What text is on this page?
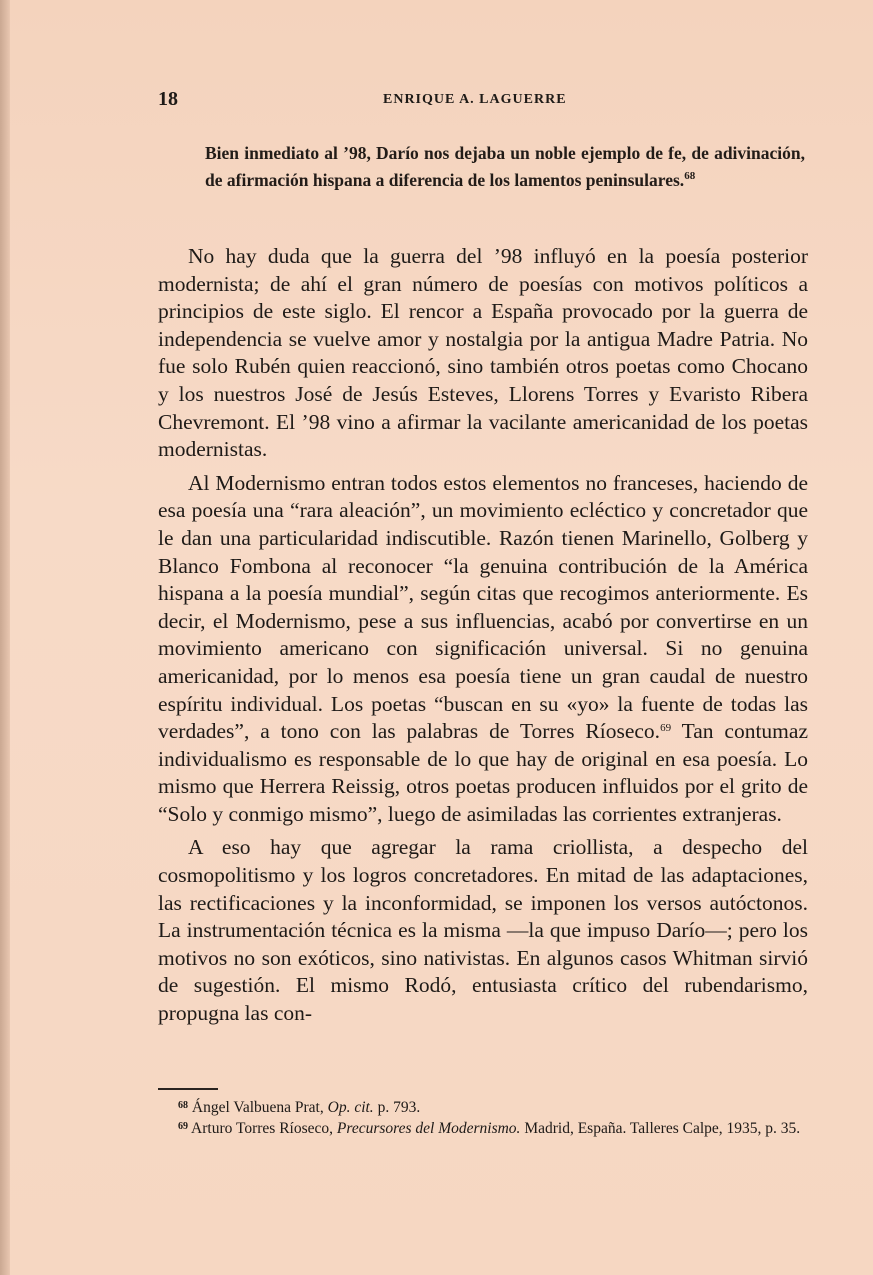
18	ENRIQUE A. LAGUERRE
Bien inmediato al ’98, Darío nos dejaba un noble ejemplo de fe, de adivinación, de afirmación hispana a diferencia de los lamentos peninsulares.$^{68}$

No hay duda que la guerra del ’98 influyó en la poesía posterior modernista; de ahí el gran número de poesías con motivos políticos a principios de este siglo. El rencor a España provocado por la guerra de independencia se vuelve amor y nostalgia por la antigua Madre Patria. No fue solo Rubén quien reaccionó, sino también otros poetas como Chocano y los nuestros José de Jesús Esteves, Llorens Torres y Evaristo Ribera Chevremont. El ’98 vino a afirmar la vacilante americanidad de los poetas modernistas.

Al Modernismo entran todos estos elementos no franceses, haciendo de esa poesía una “rara aleación”, un movimiento ecléctico y concretador que le dan una particularidad indiscutible. Razón tienen Marinello, Golberg y Blanco Fombona al reconocer “la genuina contribución de la América hispana a la poesía mundial”, según citas que recogimos anteriormente. Es decir, el Modernismo, pese a sus influencias, acabó por convertirse en un movimiento americano con significación universal. Si no genuina americanidad, por lo menos esa poesía tiene un gran caudal de nuestro espíritu individual. Los poetas “buscan en su «yo» la fuente de todas las verdades”, a tono con las palabras de Torres Ríoseco.$^{69}$ Tan contumaz individualismo es responsable de lo que hay de original en esa poesía. Lo mismo que Herrera Reissig, otros poetas producen influidos por el grito de “Solo y conmigo mismo”, luego de asimiladas las corrientes extranjeras.

A eso hay que agregar la rama criollista, a despecho del cosmopolitismo y los logros concretadores. En mitad de las adaptaciones, las rectificaciones y la inconformidad, se imponen los versos autóctonos. La instrumentación técnica es la misma —la que impuso Darío—; pero los motivos no son exóticos, sino nativistas. En algunos casos Whitman sirvió de sugestión. El mismo Rodó, entusiasta crítico del rubendarismo, propugna las con-

$^{68}$ Ángel Valbuena Prat, Op. cit. p. 793.

$^{69}$ Arturo Torres Ríoseco, Precursores del Modernismo. Madrid, España. Talleres Calpe, 1935, p. 35.
